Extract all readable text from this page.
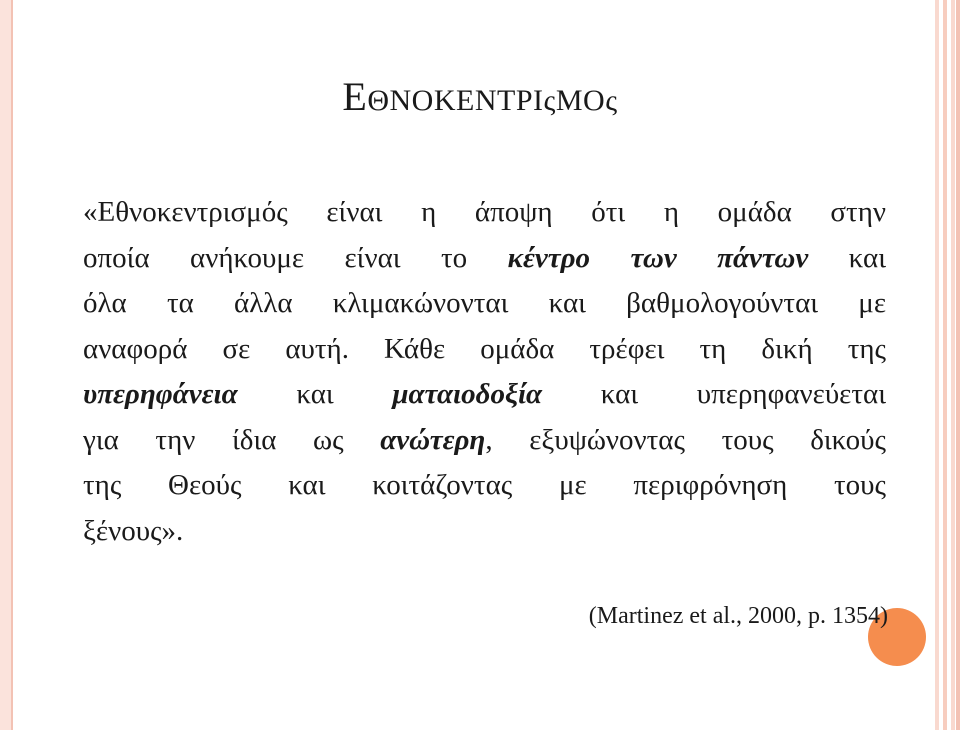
ΕΘΝΟΚΕΝΤΡΙςΜΟς
«Εθνοκεντρισμός είναι η άποψη ότι η ομάδα στην
οποία ανήκουμε είναι το κέντρο των πάντων και
όλα τα άλλα κλιμακώνονται και βαθμολογούνται με
αναφορά σε αυτή. Κάθε ομάδα τρέφει τη δική της
υπερηφάνεια και ματαιοδοξία και υπερηφανεύεται
για την ίδια ως ανώτερη, εξυψώνοντας τους δικούς
της Θεούς και κοιτάζοντας με περιφρόνηση τους
ξένους».
(Martinez et al., 2000, p. 1354)
